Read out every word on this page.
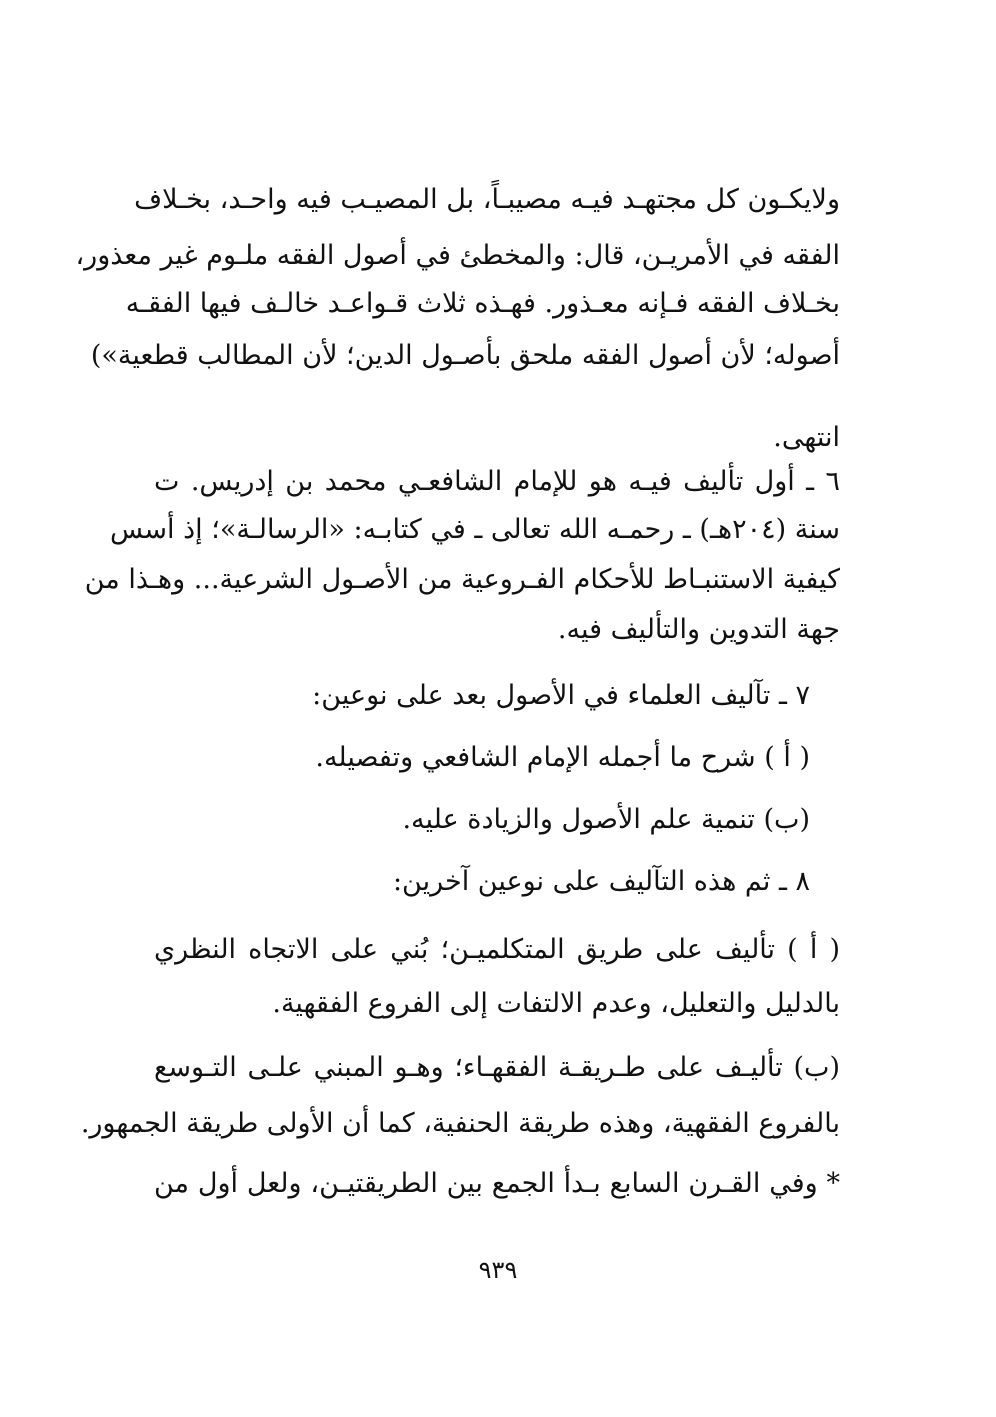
ولايكـون كل مجتهـد فيـه مصيبـاً، بل المصيـب فيه واحـد، بخـلاف
الفقه في الأمريـن، قال: والمخطئ في أصول الفقه ملـوم غير معذور،
بخـلاف الفقه فـإنه معـذور. فهـذه ثلاث قـواعـد خالـف فيها الفقـه
أصوله؛ لأن أصول الفقه ملحق بأصـول الدين؛ لأن المطالب قطعية»)
انتهى.
٦ ـ أول تأليف فيـه هو للإمام الشافعـي محمد بن إدريس. ت
سنة (٢٠٤هـ) ـ رحمـه الله تعالى ـ في كتابـه: «الرسالـة»؛ إذ أسس
كيفية الاستنبـاط للأحكام الفـروعية من الأصـول الشرعية... وهـذا من
جهة التدوين والتأليف فيه.
٧ ـ تآليف العلماء في الأصول بعد على نوعين:
( أ ) شرح ما أجمله الإمام الشافعي وتفصيله.
(ب) تنمية علم الأصول والزيادة عليه.
٨ ـ ثم هذه التآليف على نوعين آخرين:
( أ ) تأليف على طريق المتكلميـن؛ بُني على الاتجاه النظري
بالدليل والتعليل، وعدم الالتفات إلى الفروع الفقهية.
(ب) تأليـف على طـريقـة الفقهـاء؛ وهـو المبني علـى التـوسع
بالفروع الفقهية، وهذه طريقة الحنفية، كما أن الأولى طريقة الجمهور.
* وفي القـرن السابع بـدأ الجمع بين الطريقتيـن، ولعل أول من
٩٣٩
